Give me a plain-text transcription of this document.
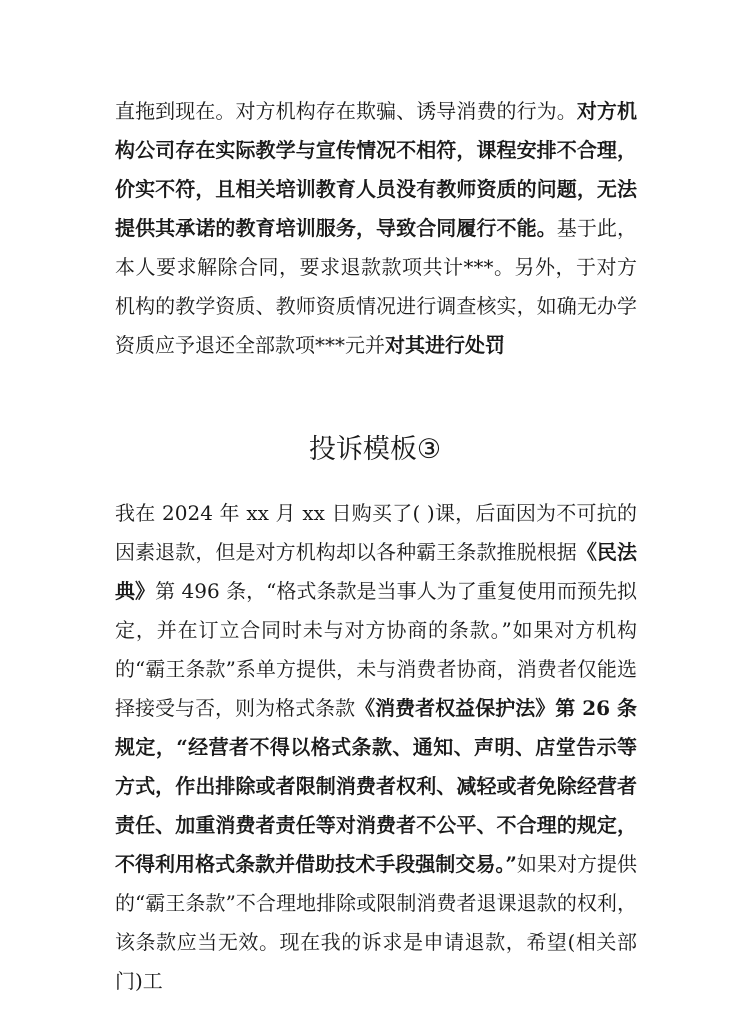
直拖到现在。对方机构存在欺骗、诱导消费的行为。对方机构公司存在实际教学与宣传情况不相符，课程安排不合理，价实不符，且相关培训教育人员没有教师资质的问题，无法提供其承诺的教育培训服务，导致合同履行不能。基于此，本人要求解除合同，要求退款款项共计***。另外，于对方机构的教学资质、教师资质情况进行调查核实，如确无办学资质应予退还全部款项***元并对其进行处罚

投诉模板③

我在 2024 年 xx 月 xx 日购买了( )课，后面因为不可抗的因素退款，但是对方机构却以各种霸王条款推脱根据《民法典》第 496 条，“格式条款是当事人为了重复使用而预先拟定，并在订立合同时未与对方协商的条款。”如果对方机构的“霸王条款”系单方提供，未与消费者协商，消费者仅能选择接受与否，则为格式条款《消费者权益保护法》第 26 条规定，“经营者不得以格式条款、通知、声明、店堂告示等方式，作出排除或者限制消费者权利、减轻或者免除经营者责任、加重消费者责任等对消费者不公平、不合理的规定，不得利用格式条款并借助技术手段强制交易。”如果对方提供的“霸王条款”不合理地排除或限制消费者退课退款的权利，该条款应当无效。现在我的诉求是申请退款，希望(相关部门)工
